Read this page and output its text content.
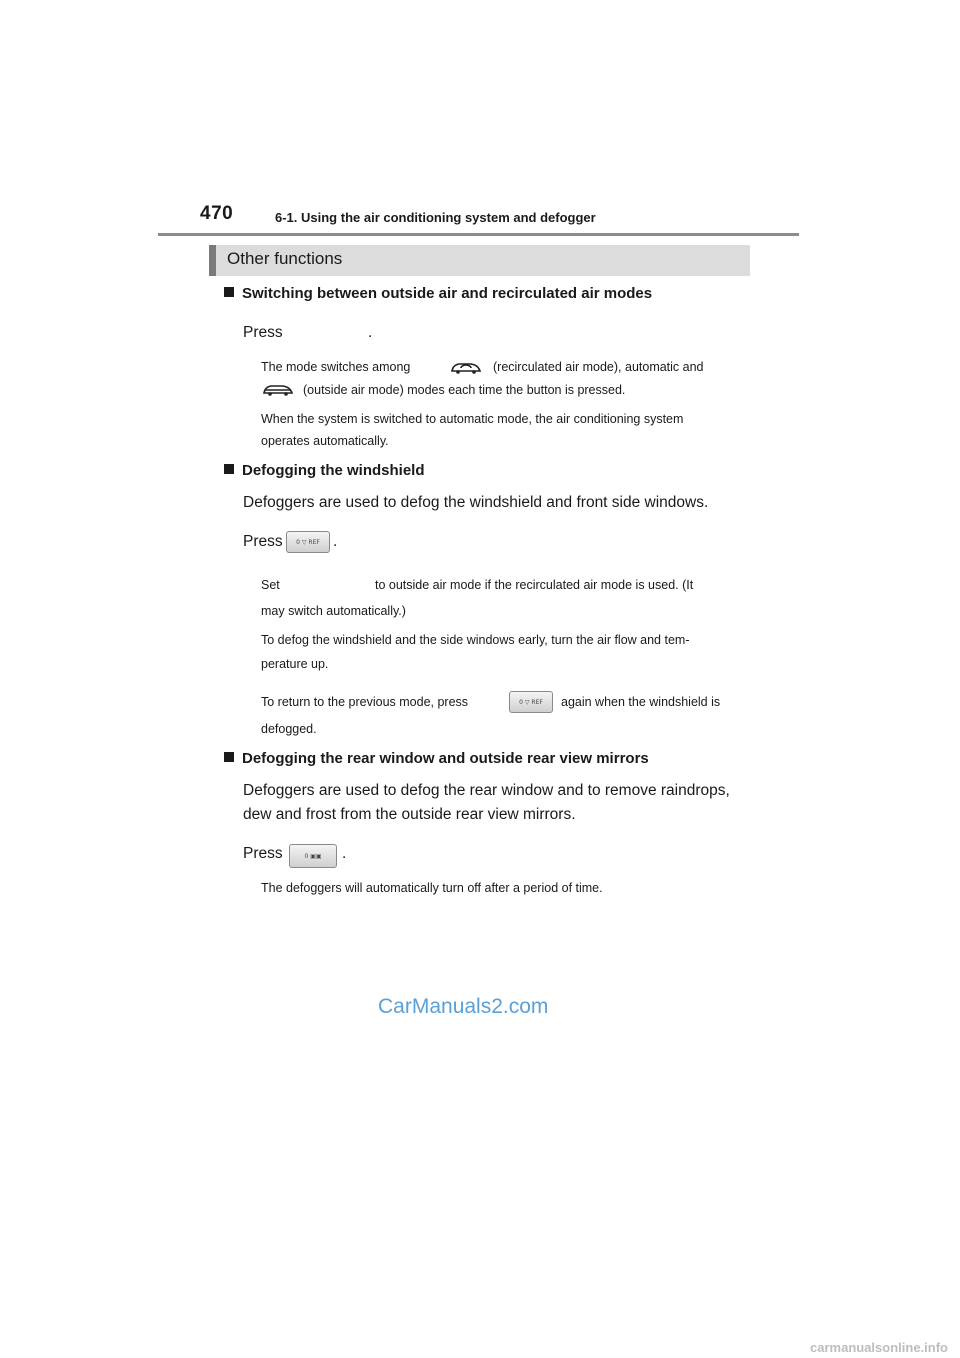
470	6-1. Using the air conditioning system and defogger
Other functions
Switching between outside air and recirculated air modes
Press	.
The mode switches among	(recirculated air mode), automatic and
(outside air mode) modes each time the button is pressed.
When the system is switched to automatic mode, the air conditioning system
operates automatically.
Defogging the windshield
Defoggers are used to defog the windshield and front side windows.
Press	0 ▽ REF .
Set	to outside air mode if the recirculated air mode is used. (It
may switch automatically.)
To defog the windshield and the side windows early, turn the air flow and tem-
perature up.
To return to the previous mode, press	0 ▽ REF	again when the windshield is
defogged.
Defogging the rear window and outside rear view mirrors
Defoggers are used to defog the rear window and to remove raindrops,
dew and frost from the outside rear view mirrors.
Press	0 ▣▣	.
The defoggers will automatically turn off after a period of time.
CarManuals2.com
carmanualsonline.info
